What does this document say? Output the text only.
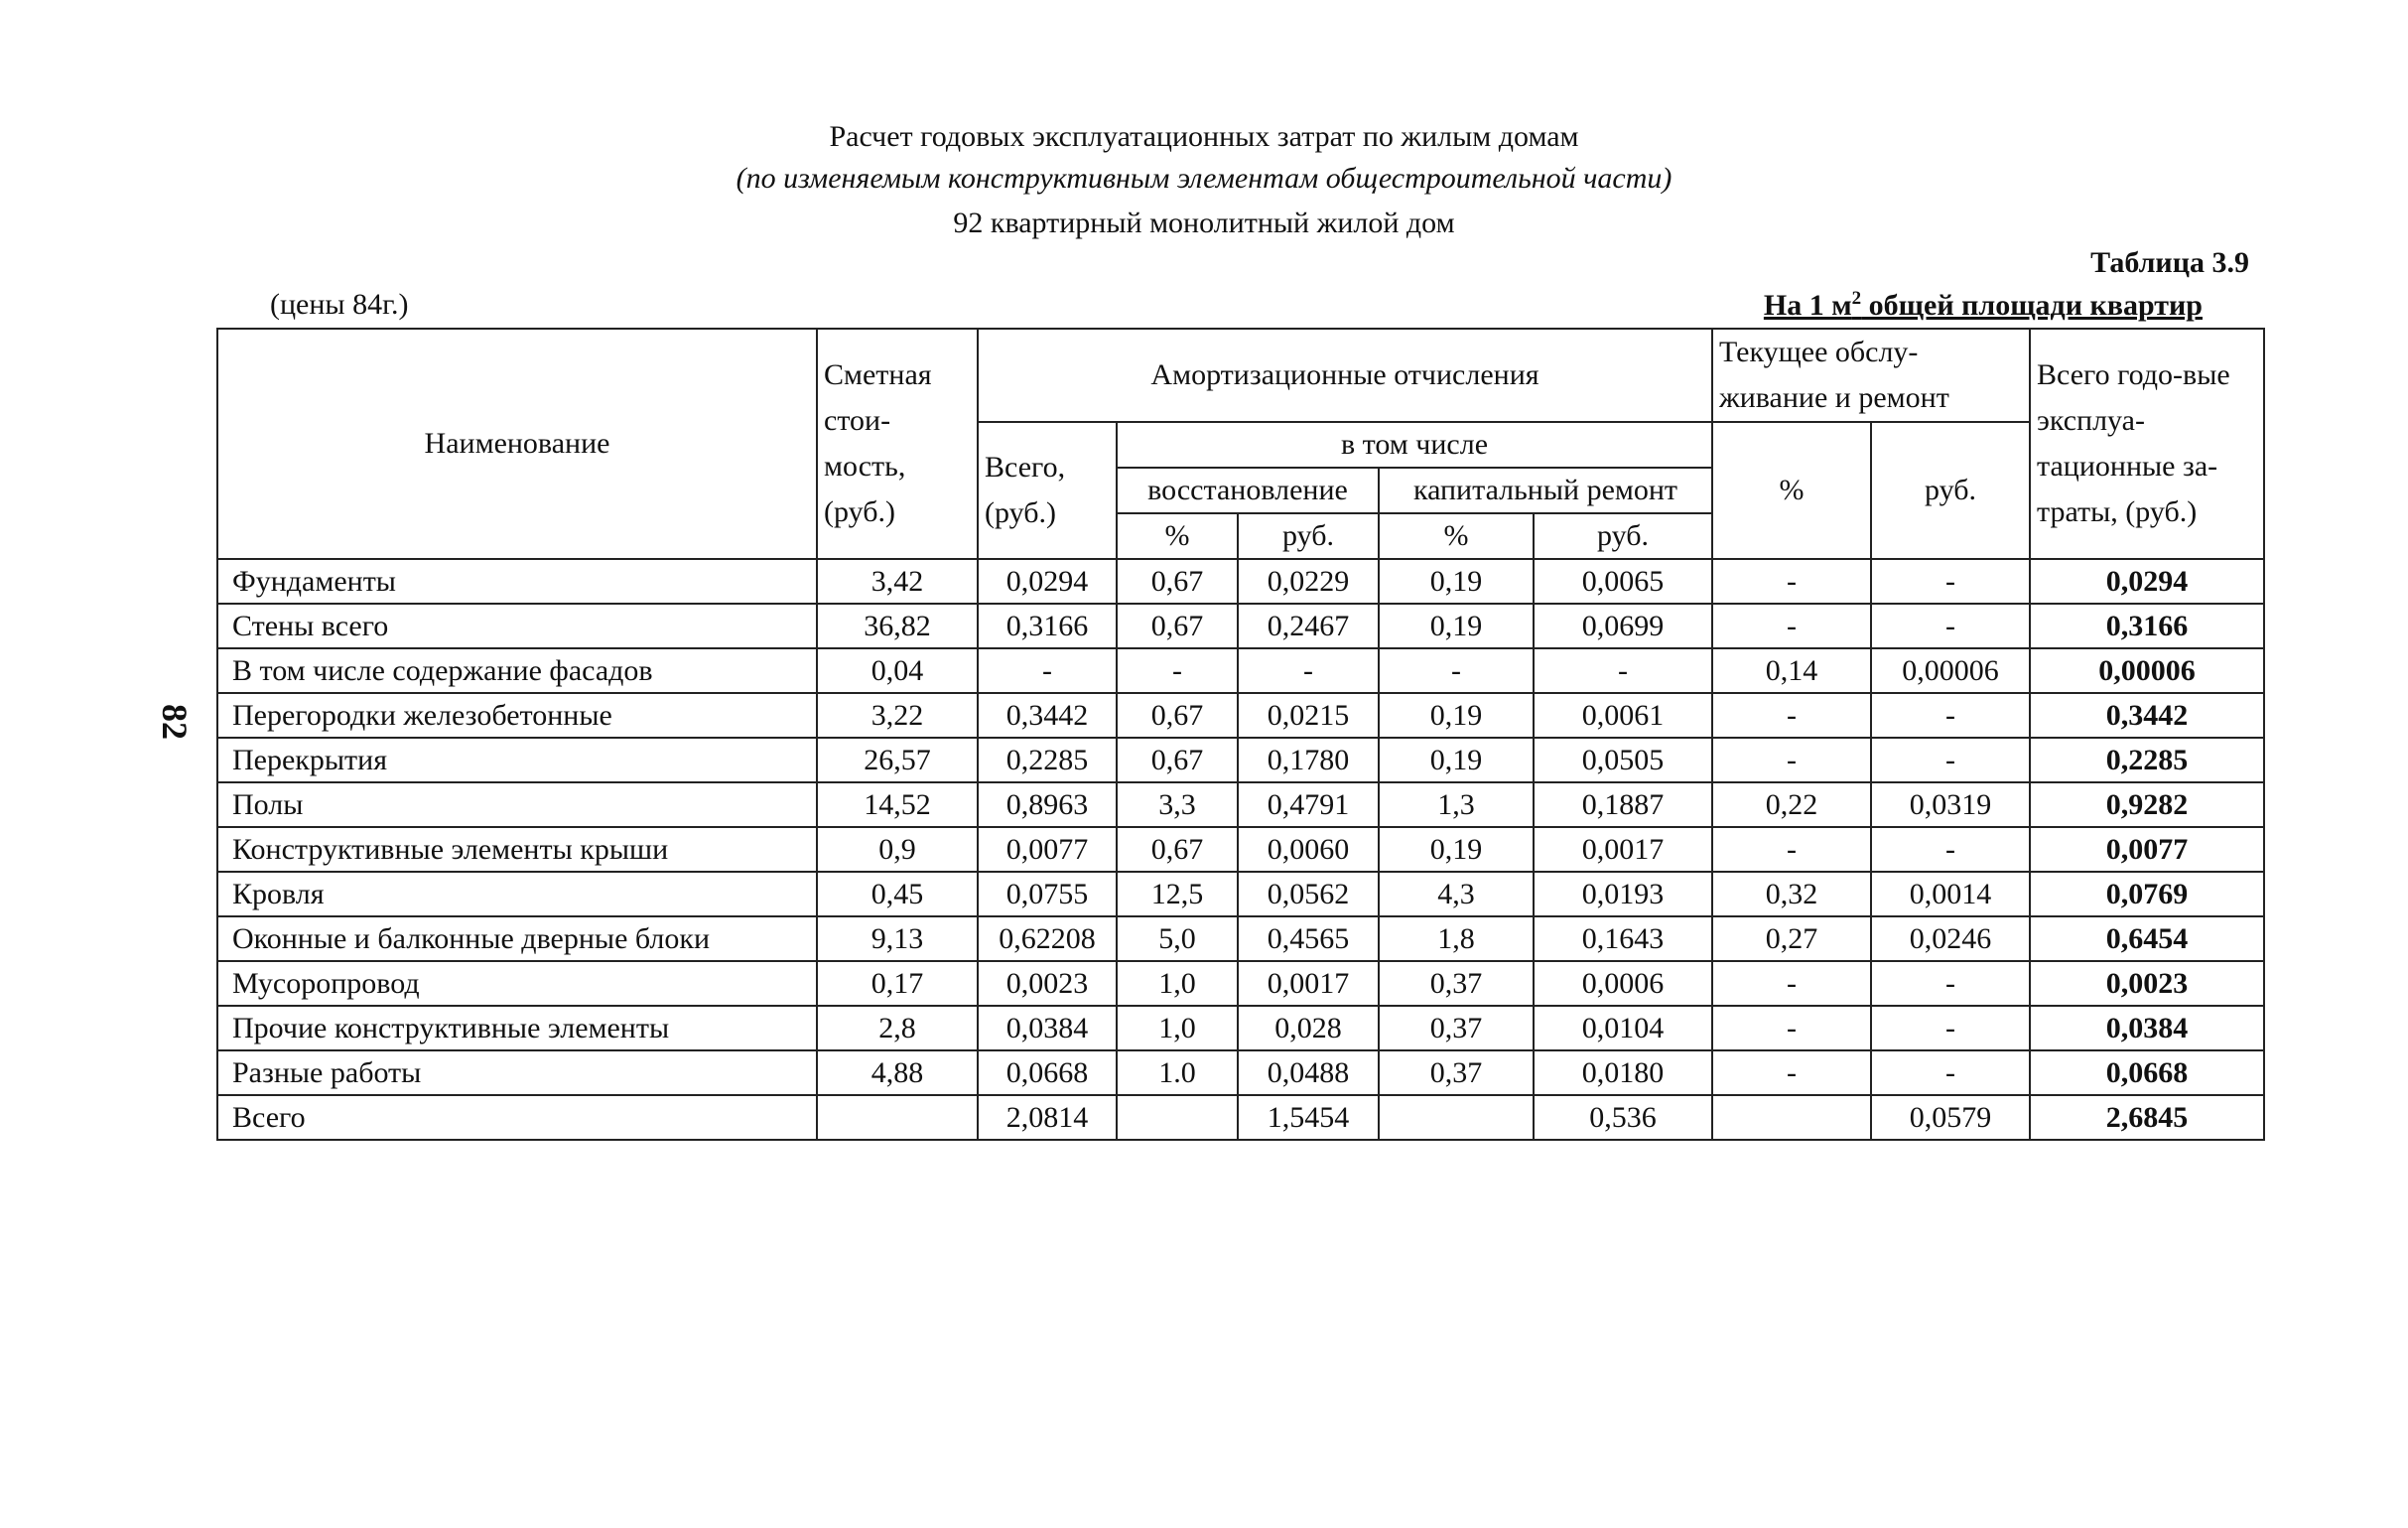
Расчет годовых эксплуатационных затрат по жилым домам
(по изменяемым конструктивным элементам общестроительной части)
92 квартирный монолитный жилой дом
Таблица 3.9
(цены 84г.)	На 1 $м^2$ общей площади квартир
82
Наименование	Сметная стои-мость, (руб.)	Амортизационные отчисления					Текущее обслу-живание и ремонт		Всего годо-вые эксплуа-тационные за-траты, (руб.)
		Всего, (руб.)	в том числе				%	руб.	
			восстановление		капитальный ремонт				
			%	руб.	%	руб.			
Фундаменты	3,42	0,0294	0,67	0,0229	0,19	0,0065	-	-	0,0294
Стены всего	36,82	0,3166	0,67	0,2467	0,19	0,0699	-	-	0,3166
В том числе содержание фасадов	0,04	-	-	-	-	-	0,14	0,00006	0,00006
Перегородки железобетонные	3,22	0,3442	0,67	0,0215	0,19	0,0061	-	-	0,3442
Перекрытия	26,57	0,2285	0,67	0,1780	0,19	0,0505	-	-	0,2285
Полы	14,52	0,8963	3,3	0,4791	1,3	0,1887	0,22	0,0319	0,9282
Конструктивные элементы крыши	0,9	0,0077	0,67	0,0060	0,19	0,0017	-	-	0,0077
Кровля	0,45	0,0755	12,5	0,0562	4,3	0,0193	0,32	0,0014	0,0769
Оконные и балконные дверные блоки	9,13	0,62208	5,0	0,4565	1,8	0,1643	0,27	0,0246	0,6454
Мусоропровод	0,17	0,0023	1,0	0,0017	0,37	0,0006	-	-	0,0023
Прочие конструктивные элементы	2,8	0,0384	1,0	0,028	0,37	0,0104	-	-	0,0384
Разные работы	4,88	0,0668	1.0	0,0488	0,37	0,0180	-	-	0,0668
Всего		2,0814		1,5454		0,536		0,0579	2,6845
